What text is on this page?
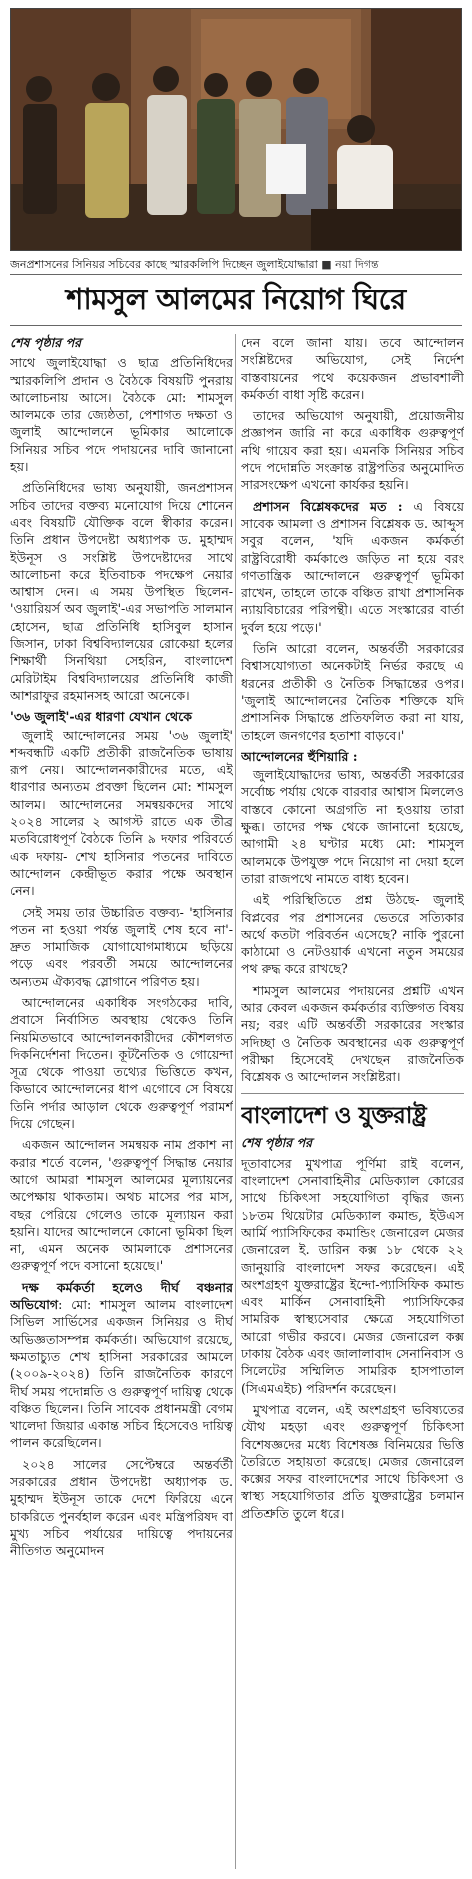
জনপ্রশাসনের সিনিয়র সচিবের কাছে স্মারকলিপি দিচ্ছেন জুলাইযোদ্ধারা ■ নয়া দিগন্ত
শামসুল আলমের নিয়োগ ঘিরে
শেষ পৃষ্ঠার পর

সাথে জুলাইযোদ্ধা ও ছাত্র প্রতিনিধিদের স্মারকলিপি প্রদান ও বৈঠকে বিষয়টি পুনরায় আলোচনায় আসে। বৈঠকে মো: শামসুল আলমকে তার জ্যেষ্ঠতা, পেশাগত দক্ষতা ও জুলাই আন্দোলনে ভূমিকার আলোকে সিনিয়র সচিব পদে পদায়নের দাবি জানানো হয়।

প্রতিনিধিদের ভাষ্য অনুযায়ী, জনপ্রশাসন সচিব তাদের বক্তব্য মনোযোগ দিয়ে শোনেন এবং বিষয়টি যৌক্তিক বলে স্বীকার করেন। তিনি প্রধান উপদেষ্টা অধ্যাপক ড. মুহাম্মদ ইউনূস ও সংশ্লিষ্ট উপদেষ্টাদের সাথে আলোচনা করে ইতিবাচক পদক্ষেপ নেয়ার আশ্বাস দেন। এ সময় উপস্থিত ছিলেন- 'ওয়ারিয়র্স অব জুলাই'-এর সভাপতি সালমান হোসেন, ছাত্র প্রতিনিধি হাসিবুল হাসান জিসান, ঢাকা বিশ্ববিদ্যালয়ের রোকেয়া হলের শিক্ষার্থী সিনথিয়া সেহরিন, বাংলাদেশ মেরিটাইম বিশ্ববিদ্যালয়ের প্রতিনিধি কাজী আশরাফুর রহমানসহ আরো অনেকে।

'৩৬ জুলাই'-এর ধারণা যেখান থেকে

জুলাই আন্দোলনের সময় '৩৬ জুলাই' শব্দবন্ধটি একটি প্রতীকী রাজনৈতিক ভাষায় রূপ নেয়। আন্দোলনকারীদের মতে, এই ধারণার অন্যতম প্রবক্তা ছিলেন মো: শামসুল আলম। আন্দোলনের সমন্বয়কদের সাথে ২০২৪ সালের ২ আগস্ট রাতে এক তীব্র মতবিরোধপূর্ণ বৈঠকে তিনি ৯ দফার পরিবর্তে এক দফায়- শেখ হাসিনার পতনের দাবিতে আন্দোলন কেন্দ্রীভূত করার পক্ষে অবস্থান নেন।

সেই সময় তার উচ্চারিত বক্তব্য- 'হাসিনার পতন না হওয়া পর্যন্ত জুলাই শেষ হবে না'- দ্রুত সামাজিক যোগাযোগমাধ্যমে ছড়িয়ে পড়ে এবং পরবর্তী সময়ে আন্দোলনের অন্যতম ঐক্যবদ্ধ স্লোগানে পরিণত হয়।

আন্দোলনের একাধিক সংগঠকের দাবি, প্রবাসে নির্বাসিত অবস্থায় থেকেও তিনি নিয়মিতভাবে আন্দোলনকারীদের কৌশলগত দিকনির্দেশনা দিতেন। কূটনৈতিক ও গোয়েন্দা সূত্র থেকে পাওয়া তথ্যের ভিত্তিতে কখন, কিভাবে আন্দোলনের ধাপ এগোবে সে বিষয়ে তিনি পর্দার আড়াল থেকে গুরুত্বপূর্ণ পরামর্শ দিয়ে গেছেন।

একজন আন্দোলন সমন্বয়ক নাম প্রকাশ না করার শর্তে বলেন, 'গুরুত্বপূর্ণ সিদ্ধান্ত নেয়ার আগে আমরা শামসুল আলমের মূল্যায়নের অপেক্ষায় থাকতাম। অথচ মাসের পর মাস, বছর পেরিয়ে গেলেও তাকে মূল্যায়ন করা হয়নি। যাদের আন্দোলনে কোনো ভূমিকা ছিল না, এমন অনেক আমলাকে প্রশাসনের গুরুত্বপূর্ণ পদে বসানো হয়েছে।'

দক্ষ কর্মকর্তা হলেও দীর্ঘ বঞ্চনার অভিযোগ: মো: শামসুল আলম বাংলাদেশ সিভিল সার্ভিসের একজন সিনিয়র ও দীর্ঘ অভিজ্ঞতাসম্পন্ন কর্মকর্তা। অভিযোগ রয়েছে, ক্ষমতাচ্যুত শেখ হাসিনা সরকারের আমলে (২০০৯-২০২৪) তিনি রাজনৈতিক কারণে দীর্ঘ সময় পদোন্নতি ও গুরুত্বপূর্ণ দায়িত্ব থেকে বঞ্চিত ছিলেন। তিনি সাবেক প্রধানমন্ত্রী বেগম খালেদা জিয়ার একান্ত সচিব হিসেবেও দায়িত্ব পালন করেছিলেন।

২০২৪ সালের সেপ্টেম্বরে অন্তর্বর্তী সরকারের প্রধান উপদেষ্টা অধ্যাপক ড. মুহাম্মদ ইউনূস তাকে দেশে ফিরিয়ে এনে চাকরিতে পুনর্বহাল করেন এবং মন্ত্রিপরিষদ বা মুখ্য সচিব পর্যায়ের দায়িত্বে পদায়নের নীতিগত অনুমোদন

দেন বলে জানা যায়। তবে আন্দোলন সংশ্লিষ্টদের অভিযোগ, সেই নির্দেশ বাস্তবায়নের পথে কয়েকজন প্রভাবশালী কর্মকর্তা বাধা সৃষ্টি করেন।

তাদের অভিযোগ অনুযায়ী, প্রয়োজনীয় প্রজ্ঞাপন জারি না করে একাধিক গুরুত্বপূর্ণ নথি গায়েব করা হয়। এমনকি সিনিয়র সচিব পদে পদোন্নতি সংক্রান্ত রাষ্ট্রপতির অনুমোদিত সারসংক্ষেপ এখনো কার্যকর হয়নি।

প্রশাসন বিশ্লেষকদের মত : এ বিষয়ে সাবেক আমলা ও প্রশাসন বিশ্লেষক ড. আব্দুস সবুর বলেন, 'যদি একজন কর্মকর্তা রাষ্ট্রবিরোধী কর্মকাণ্ডে জড়িত না হয়ে বরং গণতান্ত্রিক আন্দোলনে গুরুত্বপূর্ণ ভূমিকা রাখেন, তাহলে তাকে বঞ্চিত রাখা প্রশাসনিক ন্যায়বিচারের পরিপন্থী। এতে সংস্কারের বার্তা দুর্বল হয়ে পড়ে।'

তিনি আরো বলেন, অন্তর্বর্তী সরকারের বিশ্বাসযোগ্যতা অনেকটাই নির্ভর করছে এ ধরনের প্রতীকী ও নৈতিক সিদ্ধান্তের ওপর। 'জুলাই আন্দোলনের নৈতিক শক্তিকে যদি প্রশাসনিক সিদ্ধান্তে প্রতিফলিত করা না যায়, তাহলে জনগণের হতাশা বাড়বে।'

আন্দোলনের হুঁশিয়ারি :

জুলাইযোদ্ধাদের ভাষ্য, অন্তর্বর্তী সরকারের সর্বোচ্চ পর্যায় থেকে বারবার আশ্বাস মিললেও বাস্তবে কোনো অগ্রগতি না হওয়ায় তারা ক্ষুব্ধ। তাদের পক্ষ থেকে জানানো হয়েছে, আগামী ২৪ ঘণ্টার মধ্যে মো: শামসুল আলমকে উপযুক্ত পদে নিয়োগ না দেয়া হলে তারা রাজপথে নামতে বাধ্য হবেন।

এই পরিস্থিতিতে প্রশ্ন উঠছে- জুলাই বিপ্লবের পর প্রশাসনের ভেতরে সত্যিকার অর্থে কতটা পরিবর্তন এসেছে? নাকি পুরনো কাঠামো ও নেটওয়ার্ক এখনো নতুন সময়ের পথ রুদ্ধ করে রাখছে?

শামসুল আলমের পদায়নের প্রশ্নটি এখন আর কেবল একজন কর্মকর্তার ব্যক্তিগত বিষয় নয়; বরং এটি অন্তর্বর্তী সরকারের সংস্কার সদিচ্ছা ও নৈতিক অবস্থানের এক গুরুত্বপূর্ণ পরীক্ষা হিসেবেই দেখছেন রাজনৈতিক বিশ্লেষক ও আন্দোলন সংশ্লিষ্টরা।

বাংলাদেশ ও যুক্তরাষ্ট্র
শেষ পৃষ্ঠার পর

দূতাবাসের মুখপাত্র পূর্ণিমা রাই বলেন, বাংলাদেশ সেনাবাহিনীর মেডিক্যাল কোরের সাথে চিকিৎসা সহযোগিতা বৃদ্ধির জন্য ১৮তম থিয়েটার মেডিক্যাল কমান্ড, ইউএস আর্মি প্যাসিফিকের কমান্ডিং জেনারেল মেজর জেনারেল ই. ডারিন কক্স ১৮ থেকে ২২ জানুয়ারি বাংলাদেশ সফর করেছেন। এই অংশগ্রহণ যুক্তরাষ্ট্রের ইন্দো-প্যাসিফিক কমান্ড এবং মার্কিন সেনাবাহিনী প্যাসিফিকের সামরিক স্বাস্থ্যসেবার ক্ষেত্রে সহযোগিতা আরো গভীর করবে। মেজর জেনারেল কক্স ঢাকায় বৈঠক এবং জালালাবাদ সেনানিবাস ও সিলেটের সম্মিলিত সামরিক হাসপাতাল (সিএমএইচ) পরিদর্শন করেছেন।

মুখপাত্র বলেন, এই অংশগ্রহণ ভবিষ্যতের যৌথ মহড়া এবং গুরুত্বপূর্ণ চিকিৎসা বিশেষজ্ঞদের মধ্যে বিশেষজ্ঞ বিনিময়ের ভিত্তি তৈরিতে সহায়তা করেছে। মেজর জেনারেল কক্সের সফর বাংলাদেশের সাথে চিকিৎসা ও স্বাস্থ্য সহযোগিতার প্রতি যুক্তরাষ্ট্রের চলমান প্রতিশ্রুতি তুলে ধরে।
